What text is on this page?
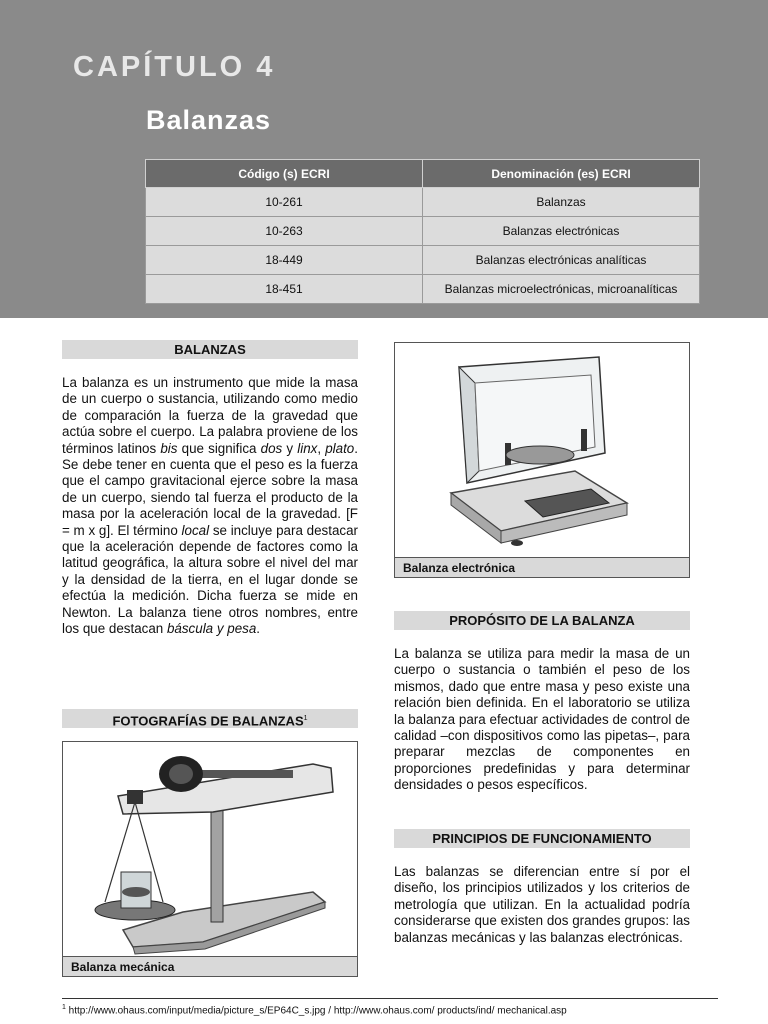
CAPÍTULO 4
Balanzas
Código (s) ECRI	Denominación (es) ECRI
10-261	Balanzas
10-263	Balanzas electrónicas
18-449	Balanzas electrónicas analíticas
18-451	Balanzas microelectrónicas, microanalíticas
BALANZAS
La balanza es un instrumento que mide la masa de un cuerpo o sustancia, utilizando como medio de comparación la fuerza de la gravedad que actúa sobre el cuerpo. La palabra proviene de los términos latinos bis que significa dos y linx, plato. Se debe tener en cuenta que el peso es la fuerza que el campo gravitacional ejerce sobre la masa de un cuerpo, siendo tal fuerza el producto de la masa por la aceleración local de la gravedad. [F = m x g]. El término local se incluye para destacar que la aceleración depende de factores como la latitud geográfica, la altura sobre el nivel del mar y la densidad de la tierra, en el lugar donde se efectúa la medición. Dicha fuerza se mide en Newton. La balanza tiene otros nombres, entre los que destacan báscula y pesa.
FOTOGRAFÍAS DE BALANZAS$^1$
Balanza mecánica
Balanza electrónica
PROPÓSITO DE LA BALANZA
La balanza se utiliza para medir la masa de un cuerpo o sustancia o también el peso de los mismos, dado que entre masa y peso existe una relación bien definida. En el laboratorio se utiliza la balanza para efectuar actividades de control de calidad –con dispositivos como las pipetas–, para preparar mezclas de componentes en proporciones predefinidas y para determinar densidades o pesos específicos.
PRINCIPIOS DE FUNCIONAMIENTO
Las balanzas se diferencian entre sí por el diseño, los principios utilizados y los criterios de metrología que utilizan. En la actualidad podría considerarse que existen dos grandes grupos: las balanzas mecánicas y las balanzas electrónicas.
$^1$ http://www.ohaus.com/input/media/picture_s/EP64C_s.jpg / http://www.ohaus.com/ products/ind/ mechanical.asp
